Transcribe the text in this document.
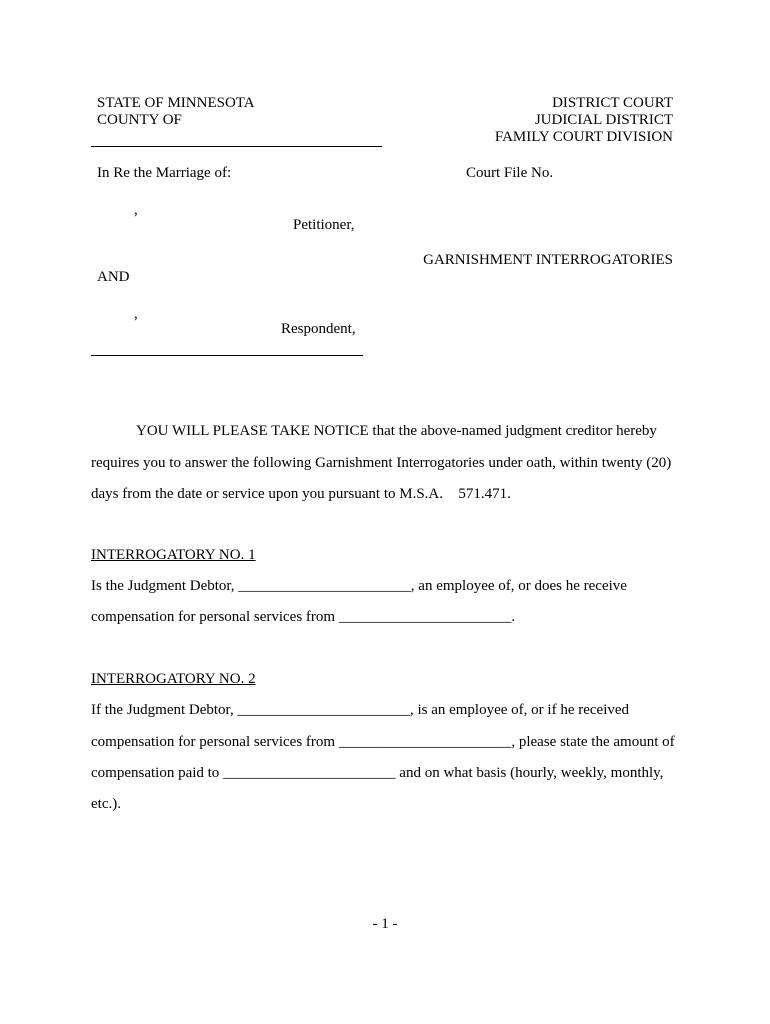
STATE OF MINNESOTA
COUNTY OF
DISTRICT COURT
JUDICIAL DISTRICT
FAMILY COURT DIVISION
In Re the Marriage of:	Court File No.
,
Petitioner,
GARNISHMENT INTERROGATORIES
AND
,
Respondent,
YOU WILL PLEASE TAKE NOTICE that the above-named judgment creditor hereby
requires you to answer the following Garnishment Interrogatories under oath, within twenty (20)
days from the date or service upon you pursuant to M.S.A.  571.471.
INTERROGATORY NO. 1
Is the Judgment Debtor, _______________________, an employee of, or does he receive
compensation for personal services from _______________________.
INTERROGATORY NO. 2
If the Judgment Debtor, _______________________, is an employee of, or if he received
compensation for personal services from _______________________, please state the amount of
compensation paid to _______________________ and on what basis (hourly, weekly, monthly,
etc.).
- 1 -
